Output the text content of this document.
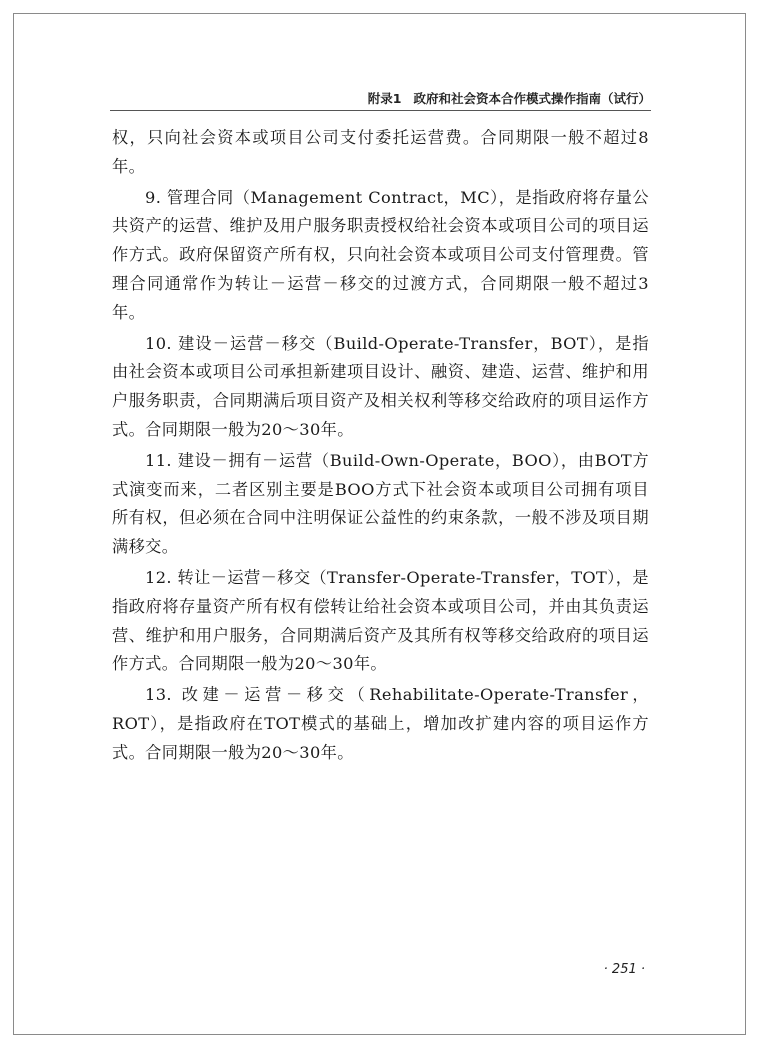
附录1 政府和社会资本合作模式操作指南（试行）

权，只向社会资本或项目公司支付委托运营费。合同期限一般不超过8年。

9. 管理合同（Management Contract，MC），是指政府将存量公共资产的运营、维护及用户服务职责授权给社会资本或项目公司的项目运作方式。政府保留资产所有权，只向社会资本或项目公司支付管理费。管理合同通常作为转让－运营－移交的过渡方式，合同期限一般不超过3年。

10. 建设－运营－移交（Build-Operate-Transfer，BOT），是指由社会资本或项目公司承担新建项目设计、融资、建造、运营、维护和用户服务职责，合同期满后项目资产及相关权利等移交给政府的项目运作方式。合同期限一般为20～30年。

11. 建设－拥有－运营（Build-Own-Operate，BOO），由BOT方式演变而来，二者区别主要是BOO方式下社会资本或项目公司拥有项目所有权，但必须在合同中注明保证公益性的约束条款，一般不涉及项目期满移交。

12. 转让－运营－移交（Transfer-Operate-Transfer，TOT），是指政府将存量资产所有权有偿转让给社会资本或项目公司，并由其负责运营、维护和用户服务，合同期满后资产及其所有权等移交给政府的项目运作方式。合同期限一般为20～30年。

13. 改建－运营－移交（Rehabilitate-Operate-Transfer，ROT），是指政府在TOT模式的基础上，增加改扩建内容的项目运作方式。合同期限一般为20～30年。

· 251 ·
